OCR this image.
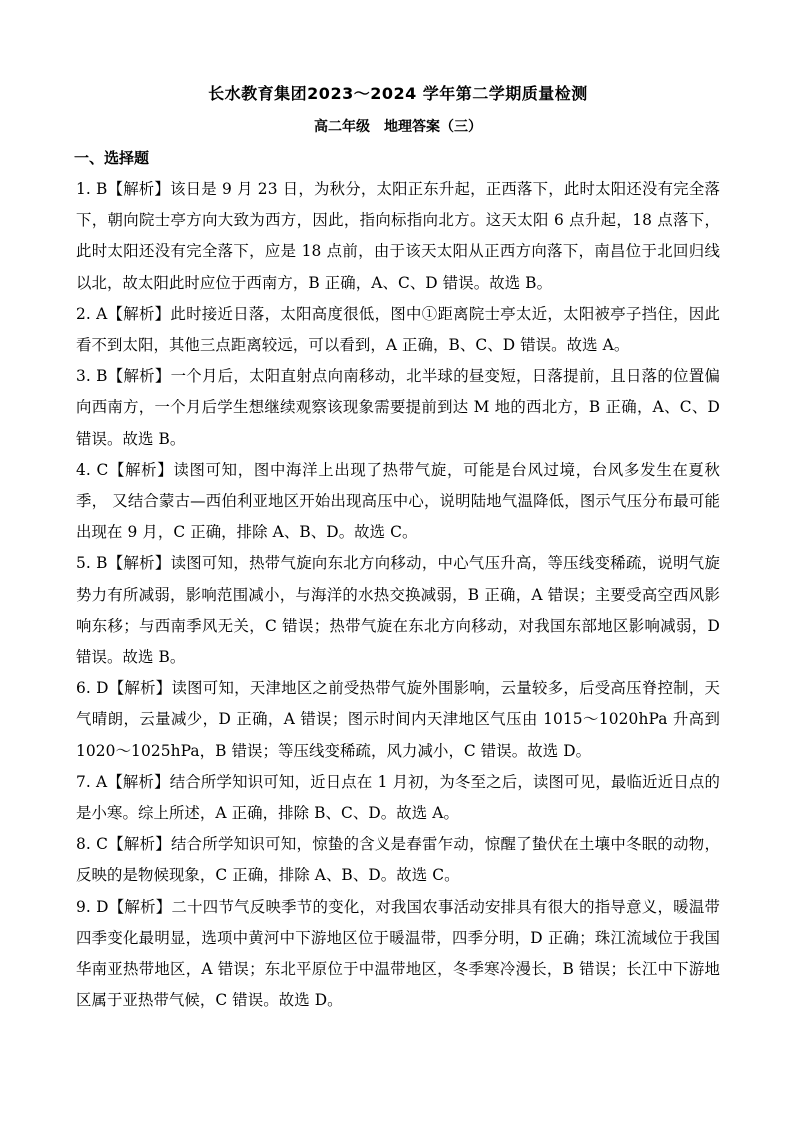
长水教育集团2023～2024 学年第二学期质量检测
高二年级　地理答案（三）
一、选择题

1. B【解析】该日是 9 月 23 日，为秋分，太阳正东升起，正西落下，此时太阳还没有完全落下，朝向院士亭方向大致为西方，因此，指向标指向北方。这天太阳 6 点升起，18 点落下，此时太阳还没有完全落下，应是 18 点前，由于该天太阳从正西方向落下，南昌位于北回归线以北，故太阳此时应位于西南方，B 正确，A、C、D 错误。故选 B。

2. A【解析】此时接近日落，太阳高度很低，图中①距离院士亭太近，太阳被亭子挡住，因此看不到太阳，其他三点距离较远，可以看到，A 正确，B、C、D 错误。故选 A。

3. B【解析】一个月后，太阳直射点向南移动，北半球的昼变短，日落提前，且日落的位置偏向西南方，一个月后学生想继续观察该现象需要提前到达 M 地的西北方，B 正确，A、C、D 错误。故选 B。

4. C【解析】读图可知，图中海洋上出现了热带气旋，可能是台风过境，台风多发生在夏秋季， 又结合蒙古—西伯利亚地区开始出现高压中心，说明陆地气温降低，图示气压分布最可能出现在 9 月，C 正确，排除 A、B、D。故选 C。

5. B【解析】读图可知，热带气旋向东北方向移动，中心气压升高，等压线变稀疏，说明气旋势力有所减弱，影响范围减小，与海洋的水热交换减弱，B 正确，A 错误；主要受高空西风影响东移；与西南季风无关，C 错误；热带气旋在东北方向移动，对我国东部地区影响减弱，D 错误。故选 B。

6. D【解析】读图可知，天津地区之前受热带气旋外围影响，云量较多，后受高压脊控制，天气晴朗，云量减少，D 正确，A 错误；图示时间内天津地区气压由 1015～1020hPa 升高到 1020～1025hPa，B 错误；等压线变稀疏，风力减小，C 错误。故选 D。

7. A【解析】结合所学知识可知，近日点在 1 月初，为冬至之后，读图可见，最临近近日点的是小寒。综上所述，A 正确，排除 B、C、D。故选 A。

8. C【解析】结合所学知识可知，惊蛰的含义是春雷乍动，惊醒了蛰伏在土壤中冬眠的动物，反映的是物候现象，C 正确，排除 A、B、D。故选 C。

9. D【解析】二十四节气反映季节的变化，对我国农事活动安排具有很大的指导意义，暖温带四季变化最明显，选项中黄河中下游地区位于暖温带，四季分明，D 正确；珠江流域位于我国华南亚热带地区，A 错误；东北平原位于中温带地区，冬季寒冷漫长，B 错误；长江中下游地区属于亚热带气候，C 错误。故选 D。
